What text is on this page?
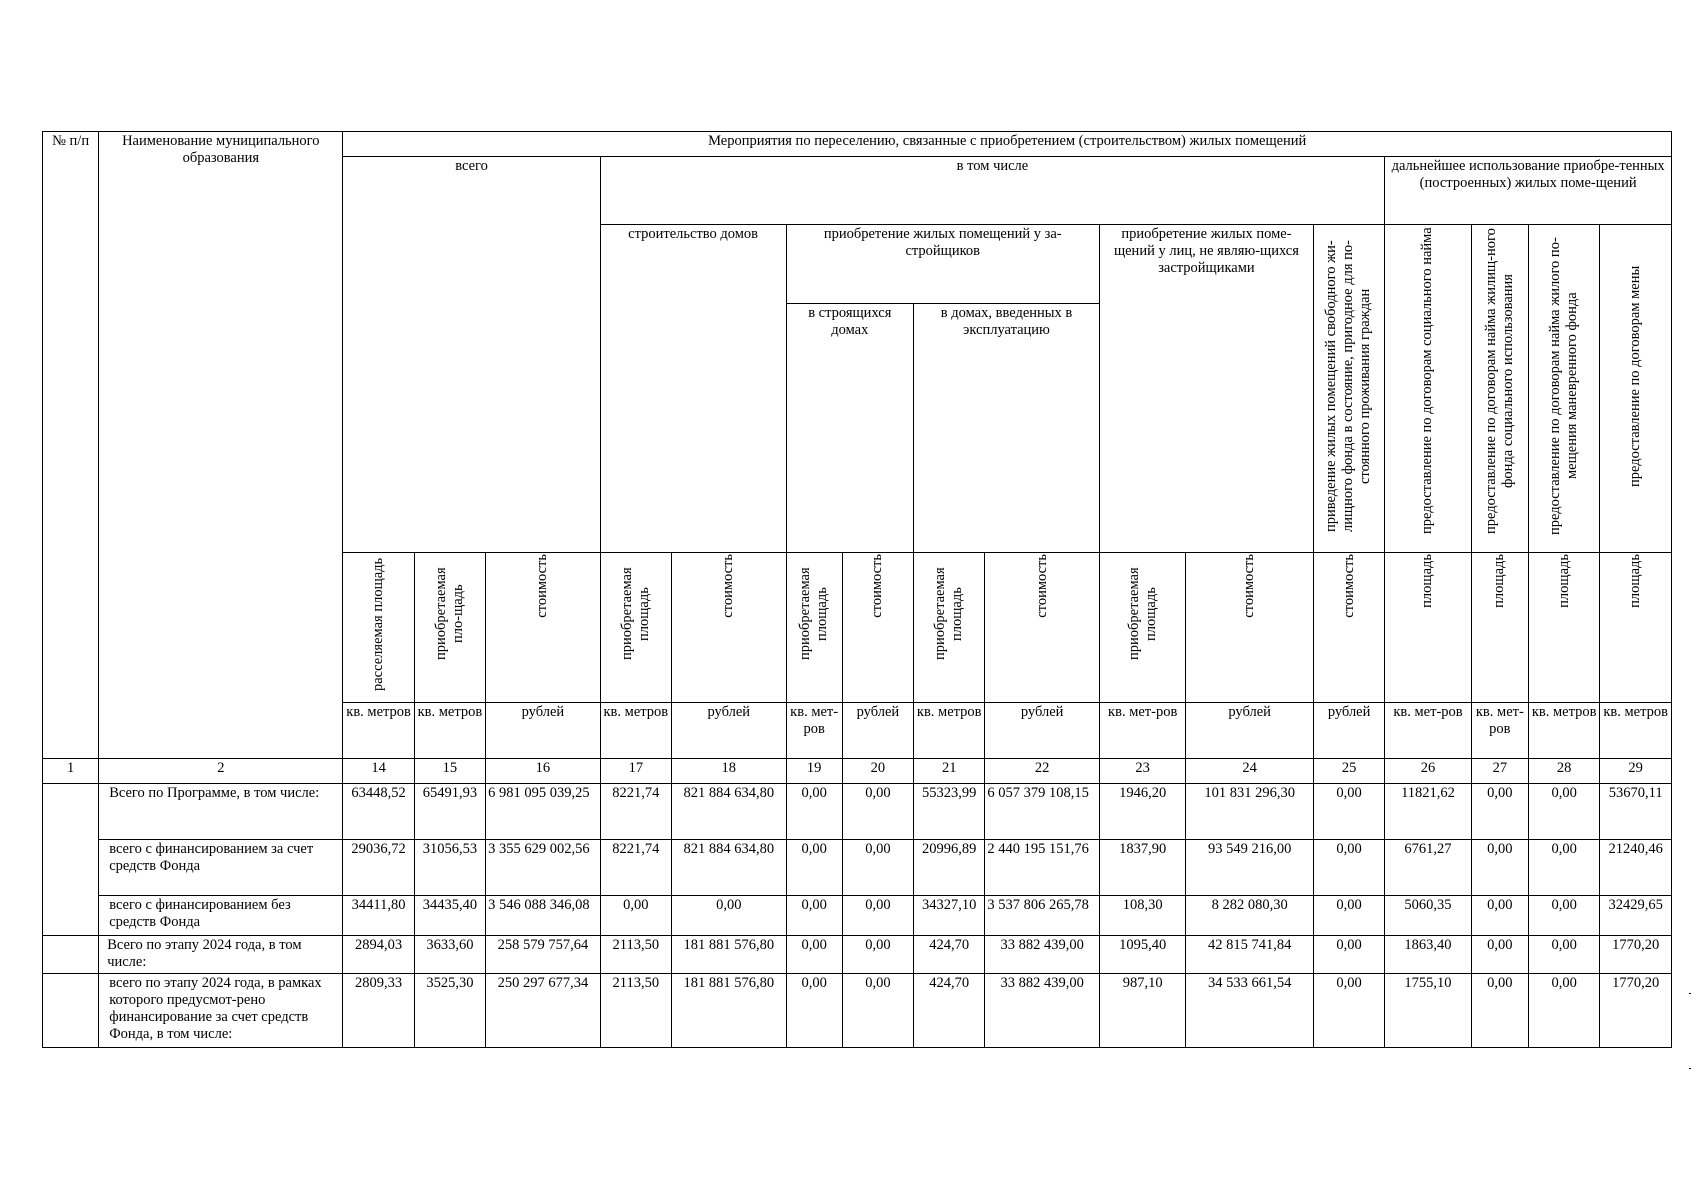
№ п/п	Наименование муниципального образования	Мероприятия по переселению, связанные с приобретением (строительством) жилых помещений															
		всего			в том числе									дальнейшее использование приобре-тенных (построенных) жилых поме-щений			
					строительство домов		приобретение жилых помещений у за-стройщиков				приобретение жилых поме-щений у лиц, не являю-щихся застройщиками		приведение жилых помещений свободного жи-лищного фонда в состояние, пригодное для по-стоянного проживания граждан	предоставление по договорам социального найма	предоставление по договорам найма жилищ-ного фонда социального использования	предоставление по договорам найма жилого по-мещения маневренного фонда	предоставление по договорам мены
							в строящихся домах		в домах, введенных в эксплуатацию								
		расселяемая площадь	приобретаемая пло-щадь	стоимость	приобретаемая площадь	стоимость	приобретаемая площадь	стоимость	приобретаемая площадь	стоимость	приобретаемая площадь	стоимость	стоимость	площадь	площадь	площадь	площадь
		кв. метров	кв. метров	рублей	кв. метров	рублей	кв. мет-ров	рублей	кв. метров	рублей	кв. мет-ров	рублей	рублей	кв. мет-ров	кв. мет-ров	кв. метров	кв. метров
1	2	14	15	16	17	18	19	20	21	22	23	24	25	26	27	28	29
	Всего по Программе, в том числе:	63448,52	65491,93	6 981 095 039,25	8221,74	821 884 634,80	0,00	0,00	55323,99	6 057 379 108,15	1946,20	101 831 296,30	0,00	11821,62	0,00	0,00	53670,11
	всего с финансированием за счет средств Фонда	29036,72	31056,53	3 355 629 002,56	8221,74	821 884 634,80	0,00	0,00	20996,89	2 440 195 151,76	1837,90	93 549 216,00	0,00	6761,27	0,00	0,00	21240,46
	всего с финансированием без средств Фонда	34411,80	34435,40	3 546 088 346,08	0,00	0,00	0,00	0,00	34327,10	3 537 806 265,78	108,30	8 282 080,30	0,00	5060,35	0,00	0,00	32429,65
	Всего по этапу 2024 года, в том числе:	2894,03	3633,60	258 579 757,64	2113,50	181 881 576,80	0,00	0,00	424,70	33 882 439,00	1095,40	42 815 741,84	0,00	1863,40	0,00	0,00	1770,20
	всего по этапу 2024 года, в рамках которого предусмот-рено финансирование за счет средств Фонда, в том числе:	2809,33	3525,30	250 297 677,34	2113,50	181 881 576,80	0,00	0,00	424,70	33 882 439,00	987,10	34 533 661,54	0,00	1755,10	0,00	0,00	1770,20
